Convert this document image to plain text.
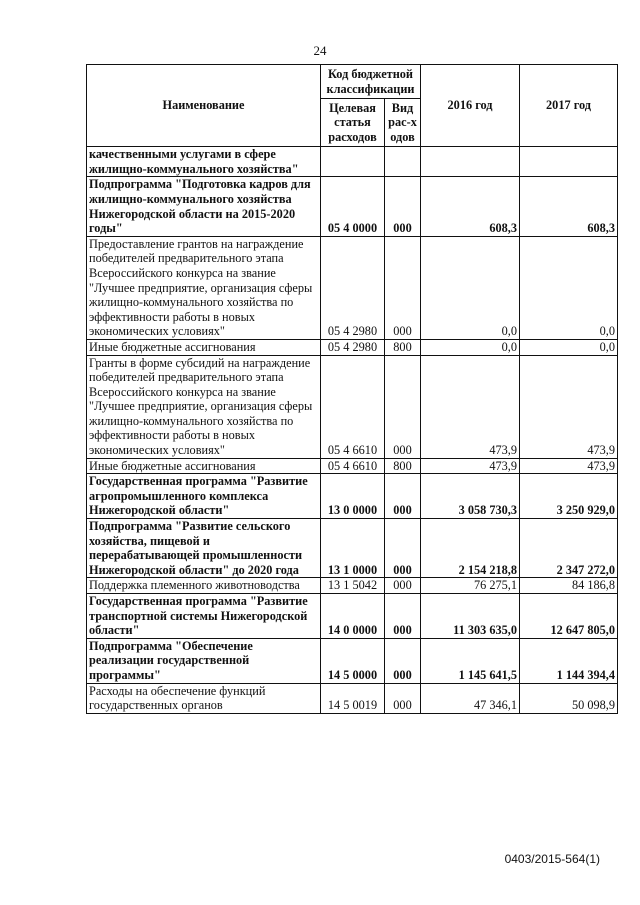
24
Наименование	Код бюджетной классификации		2016 год	2017 год
	Целевая статья расходов	Вид рас-ходов		
качественными услугами в сфере жилищно-коммунального хозяйства"				
Подпрограмма "Подготовка кадров для жилищно-коммунального хозяйства Нижегородской области на 2015-2020 годы"	05 4 0000	000	608,3	608,3
Предоставление грантов на награждение победителей предварительного этапа Всероссийского конкурса на звание "Лучшее предприятие, организация сферы жилищно-коммунального хозяйства по эффективности работы в новых экономических условиях"	05 4 2980	000	0,0	0,0
Иные бюджетные ассигнования	05 4 2980	800	0,0	0,0
Гранты в форме субсидий на награждение победителей предварительного этапа Всероссийского конкурса на звание "Лучшее предприятие, организация сферы жилищно-коммунального хозяйства по эффективности работы в новых экономических условиях"	05 4 6610	000	473,9	473,9
Иные бюджетные ассигнования	05 4 6610	800	473,9	473,9
Государственная программа "Развитие агропромышленного комплекса Нижегородской области"	13 0 0000	000	3 058 730,3	3 250 929,0
Подпрограмма "Развитие сельского хозяйства, пищевой и перерабатывающей промышленности Нижегородской области" до 2020 года	13 1 0000	000	2 154 218,8	2 347 272,0
Поддержка племенного животноводства	13 1 5042	000	76 275,1	84 186,8
Государственная программа "Развитие транспортной системы Нижегородской области"	14 0 0000	000	11 303 635,0	12 647 805,0
Подпрограмма "Обеспечение реализации государственной программы"	14 5 0000	000	1 145 641,5	1 144 394,4
Расходы на обеспечение функций государственных органов	14 5 0019	000	47 346,1	50 098,9
0403/2015-564(1)
